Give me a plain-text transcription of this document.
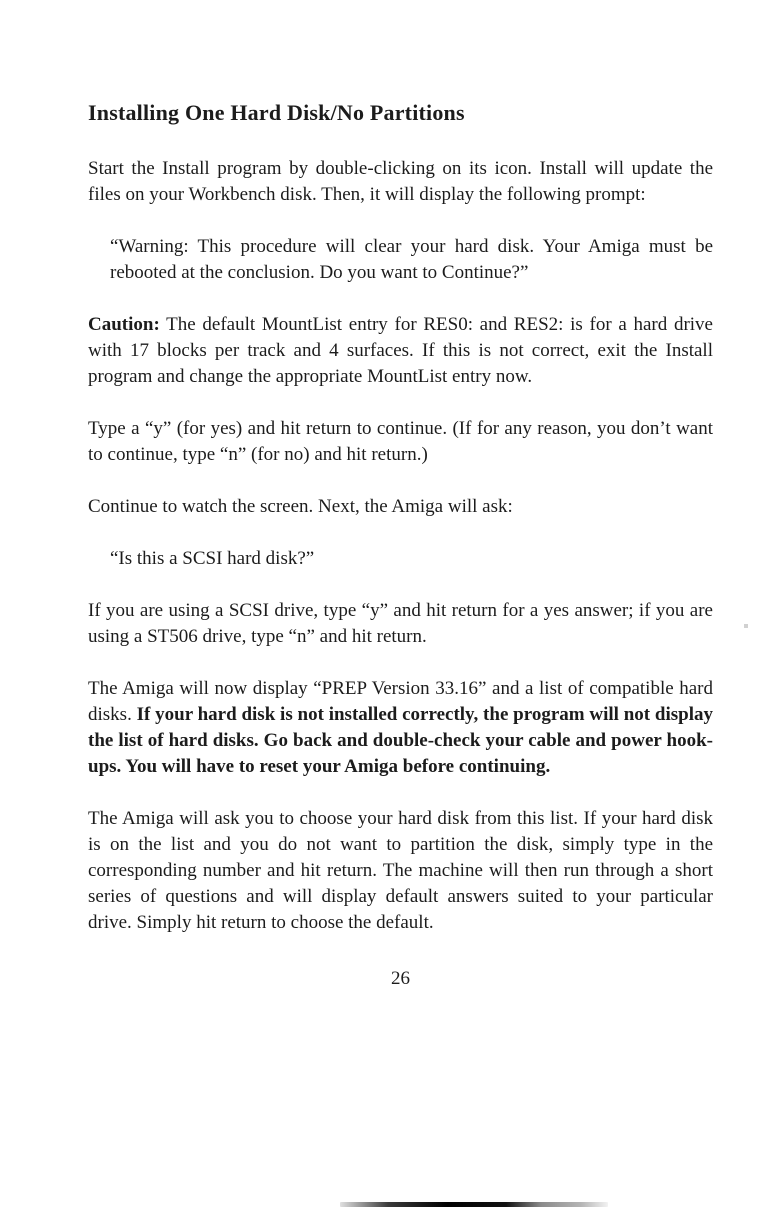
Installing One Hard Disk/No Partitions

Start the Install program by double-clicking on its icon. Install will update the files on your Workbench disk. Then, it will display the following prompt:

“Warning: This procedure will clear your hard disk. Your Amiga must be rebooted at the conclusion. Do you want to Continue?”

Caution: The default MountList entry for RES0: and RES2: is for a hard drive with 17 blocks per track and 4 surfaces. If this is not correct, exit the Install program and change the appropriate MountList entry now.

Type a “y” (for yes) and hit return to continue. (If for any reason, you don’t want to continue, type “n” (for no) and hit return.)

Continue to watch the screen. Next, the Amiga will ask:

“Is this a SCSI hard disk?”

If you are using a SCSI drive, type “y” and hit return for a yes answer; if you are using a ST506 drive, type “n” and hit return.

The Amiga will now display “PREP Version 33.16” and a list of compatible hard disks. If your hard disk is not installed correctly, the program will not display the list of hard disks. Go back and double-check your cable and power hook-ups. You will have to reset your Amiga before continuing.

The Amiga will ask you to choose your hard disk from this list. If your hard disk is on the list and you do not want to partition the disk, simply type in the corresponding number and hit return. The machine will then run through a short series of questions and will display default answers suited to your particular drive. Simply hit return to choose the default.

26
